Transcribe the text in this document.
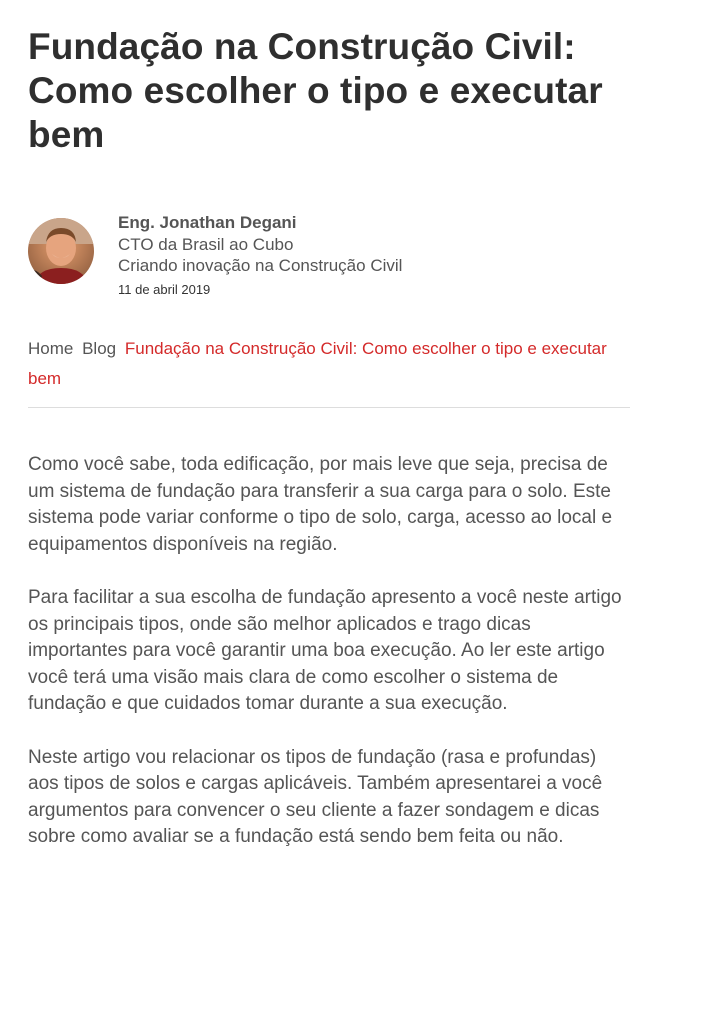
Fundação na Construção Civil: Como escolher o tipo e executar bem
Eng. Jonathan Degani
CTO da Brasil ao Cubo
Criando inovação na Construção Civil
11 de abril 2019
Home Blog Fundação na Construção Civil: Como escolher o tipo e executar bem

Como você sabe, toda edificação, por mais leve que seja, precisa de um sistema de fundação para transferir a sua carga para o solo. Este sistema pode variar conforme o tipo de solo, carga, acesso ao local e equipamentos disponíveis na região.

Para facilitar a sua escolha de fundação apresento a você neste artigo os principais tipos, onde são melhor aplicados e trago dicas importantes para você garantir uma boa execução. Ao ler este artigo você terá uma visão mais clara de como escolher o sistema de fundação e que cuidados tomar durante a sua execução.

Neste artigo vou relacionar os tipos de fundação (rasa e profundas) aos tipos de solos e cargas aplicáveis. Também apresentarei a você argumentos para convencer o seu cliente a fazer sondagem e dicas sobre como avaliar se a fundação está sendo bem feita ou não.
